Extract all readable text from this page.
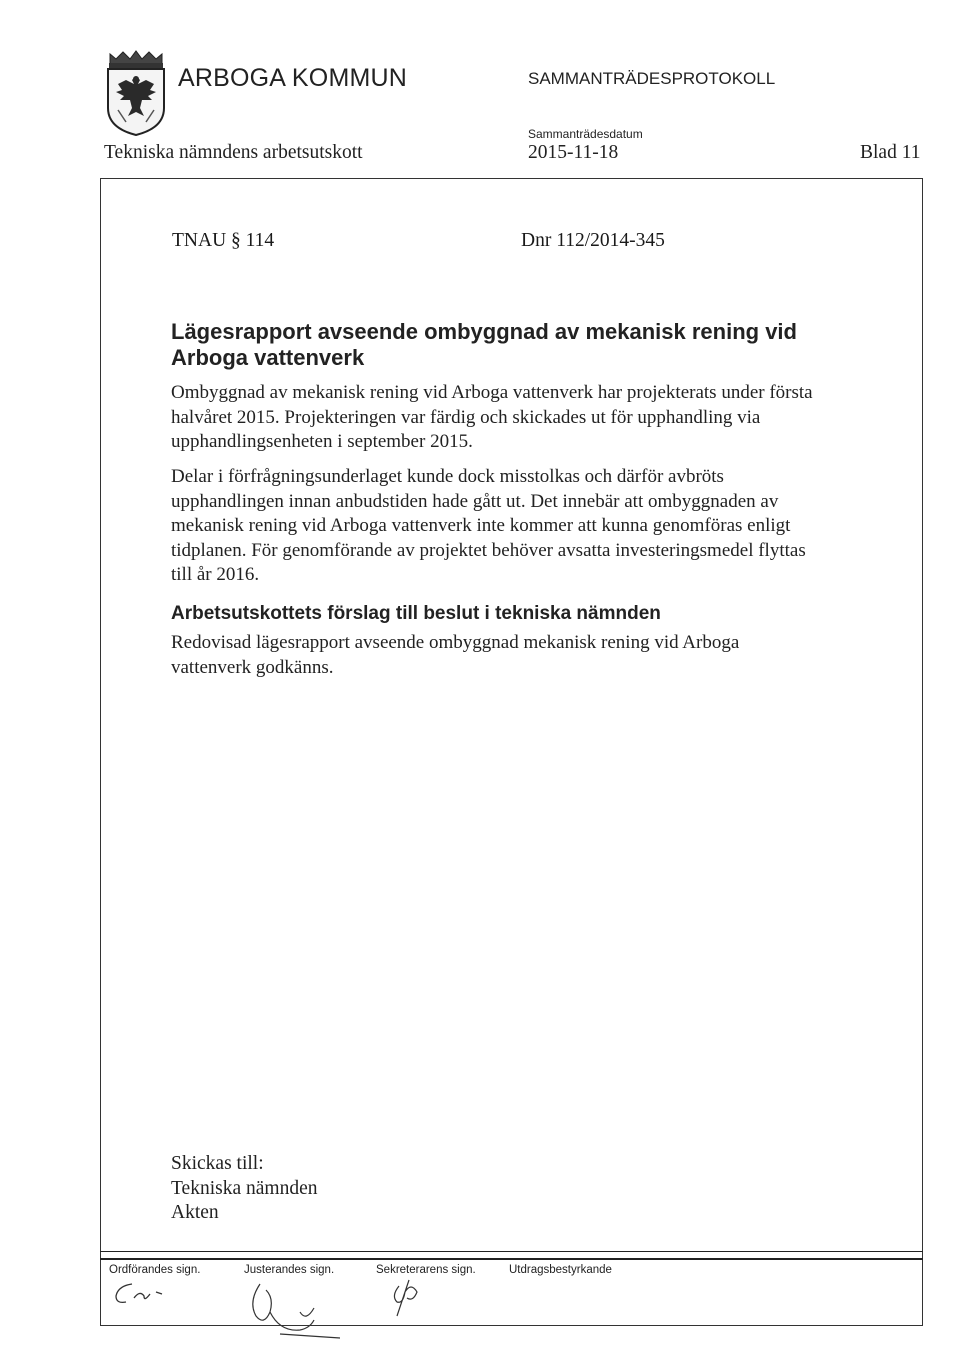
ARBOGA KOMMUN	SAMMANTRÄDESPROTOKOLL
Sammanträdesdatum
Tekniska nämndens arbetsutskott	2015-11-18	Blad 11
TNAU § 114	Dnr 112/2014-345
Lägesrapport avseende ombyggnad av mekanisk rening vid Arboga vattenverk

Ombyggnad av mekanisk rening vid Arboga vattenverk har projekterats under första halvåret 2015. Projekteringen var färdig och skickades ut för upphandling via upphandlingsenheten i september 2015.

Delar i förfrågningsunderlaget kunde dock misstolkas och därför avbröts upphandlingen innan anbudstiden hade gått ut. Det innebär att ombyggnaden av mekanisk rening vid Arboga vattenverk inte kommer att kunna genomföras enligt tidplanen. För genomförande av projektet behöver avsatta investeringsmedel flyttas till år 2016.

Arbetsutskottets förslag till beslut i tekniska nämnden

Redovisad lägesrapport avseende ombyggnad mekanisk rening vid Arboga vattenverk godkänns.

Skickas till:
Tekniska nämnden
Akten
Ordförandes sign.	Justerandes sign.	Sekreterarens sign.	Utdragsbestyrkande
